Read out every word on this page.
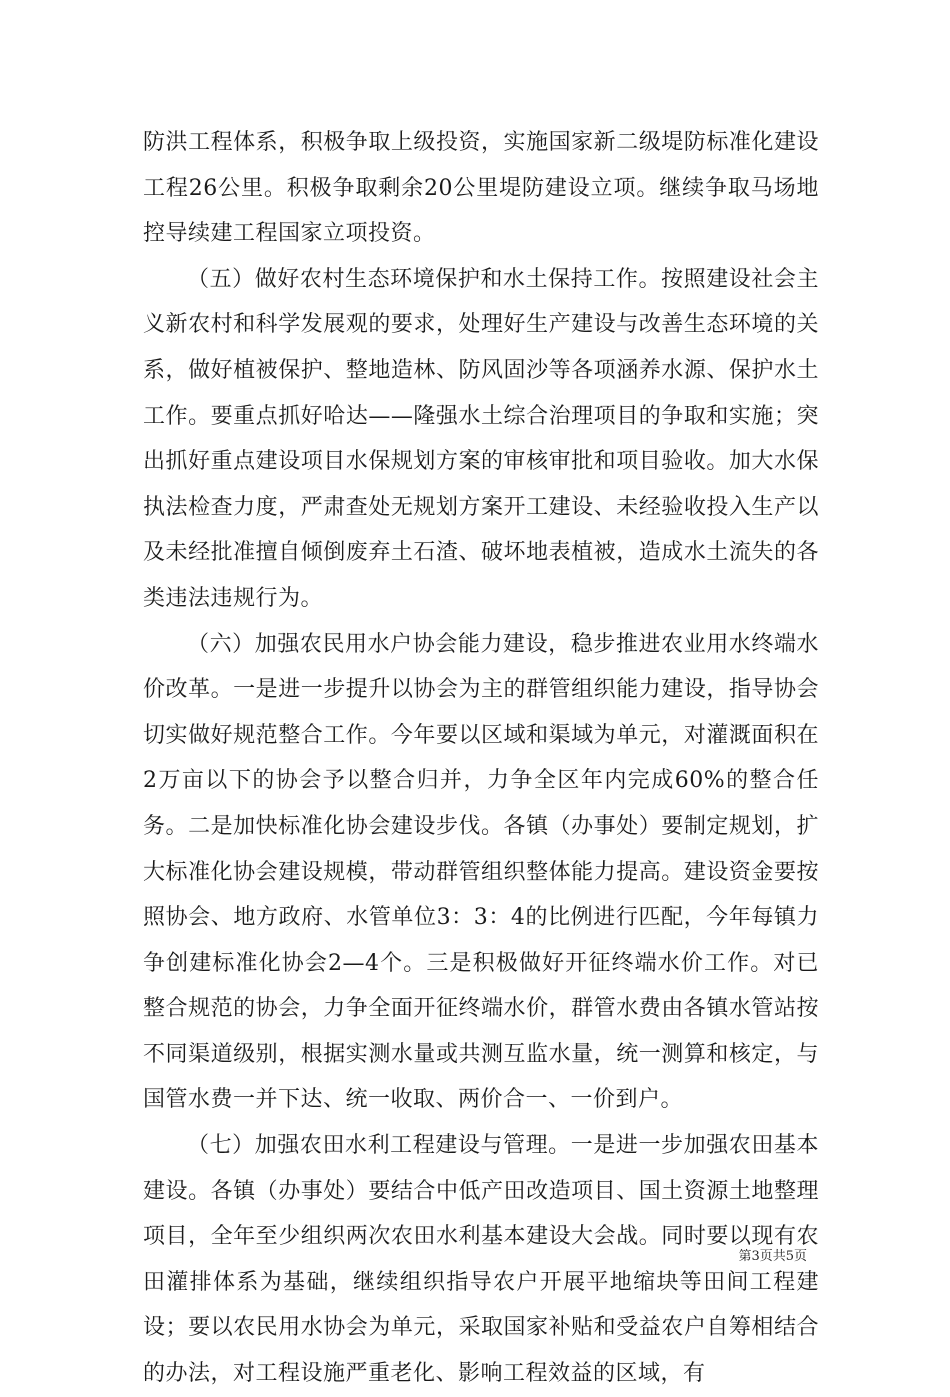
防洪工程体系，积极争取上级投资，实施国家新二级堤防标准化建设工程26公里。积极争取剩余20公里堤防建设立项。继续争取马场地控导续建工程国家立项投资。

（五）做好农村生态环境保护和水土保持工作。按照建设社会主义新农村和科学发展观的要求，处理好生产建设与改善生态环境的关系，做好植被保护、整地造林、防风固沙等各项涵养水源、保护水土工作。要重点抓好哈达——隆强水土综合治理项目的争取和实施；突出抓好重点建设项目水保规划方案的审核审批和项目验收。加大水保执法检查力度，严肃查处无规划方案开工建设、未经验收投入生产以及未经批准擅自倾倒废弃土石渣、破坏地表植被，造成水土流失的各类违法违规行为。

（六）加强农民用水户协会能力建设，稳步推进农业用水终端水价改革。一是进一步提升以协会为主的群管组织能力建设，指导协会切实做好规范整合工作。今年要以区域和渠域为单元，对灌溉面积在2万亩以下的协会予以整合归并，力争全区年内完成60%的整合任务。二是加快标准化协会建设步伐。各镇（办事处）要制定规划，扩大标准化协会建设规模，带动群管组织整体能力提高。建设资金要按照协会、地方政府、水管单位3：3：4的比例进行匹配，今年每镇力争创建标准化协会2—4个。三是积极做好开征终端水价工作。对已整合规范的协会，力争全面开征终端水价，群管水费由各镇水管站按不同渠道级别，根据实测水量或共测互监水量，统一测算和核定，与国管水费一并下达、统一收取、两价合一、一价到户。

（七）加强农田水利工程建设与管理。一是进一步加强农田基本建设。各镇（办事处）要结合中低产田改造项目、国土资源土地整理项目，全年至少组织两次农田水利基本建设大会战。同时要以现有农田灌排体系为基础，继续组织指导农户开展平地缩块等田间工程建设；要以农民用水协会为单元，采取国家补贴和受益农户自筹相结合的办法，对工程设施严重老化、影响工程效益的区域，有

第3页共5页
